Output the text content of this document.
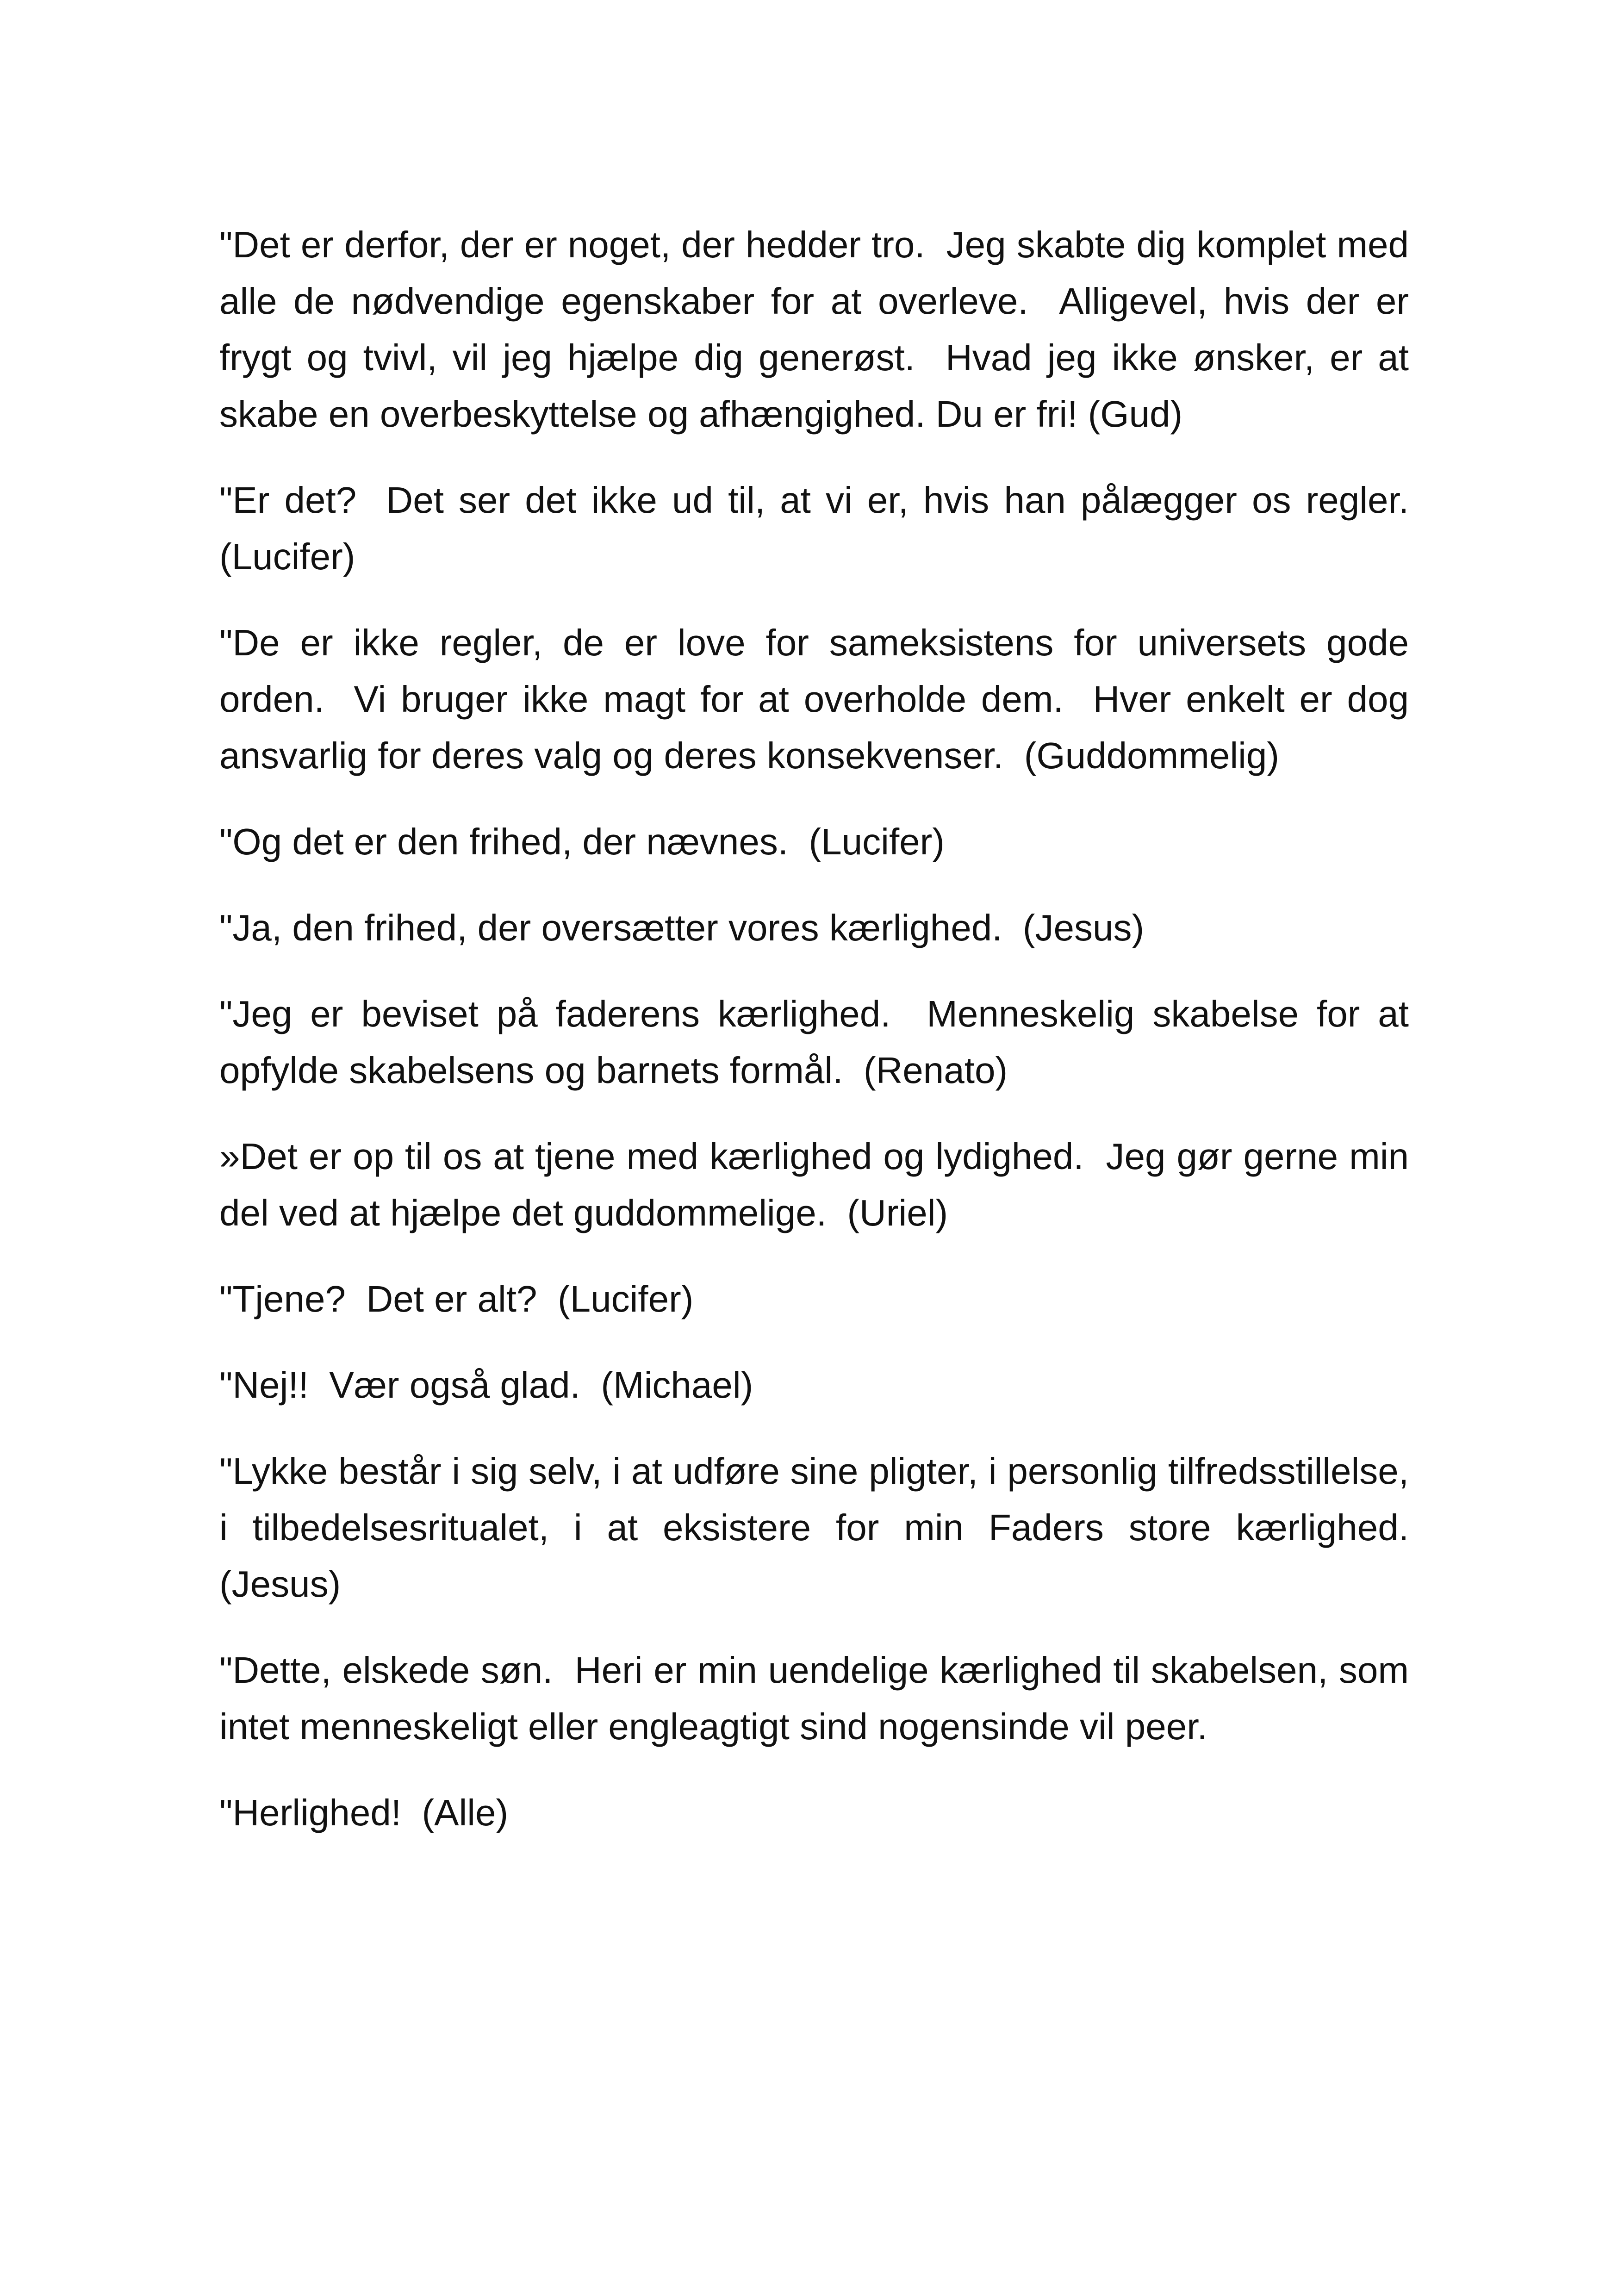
"Det er derfor, der er noget, der hedder tro.  Jeg skabte dig komplet med alle de nødvendige egenskaber for at overleve.  Alligevel, hvis der er frygt og tvivl, vil jeg hjælpe dig generøst.  Hvad jeg ikke ønsker, er at skabe en overbeskyttelse og afhængighed. Du er fri! (Gud)

"Er det?  Det ser det ikke ud til, at vi er, hvis han pålægger os regler.  (Lucifer)

"De er ikke regler, de er love for sameksistens for universets gode orden.  Vi bruger ikke magt for at overholde dem.  Hver enkelt er dog ansvarlig for deres valg og deres konsekvenser.  (Guddommelig)

"Og det er den frihed, der nævnes.  (Lucifer)

"Ja, den frihed, der oversætter vores kærlighed.  (Jesus)

"Jeg er beviset på faderens kærlighed.  Menneskelig skabelse for at opfylde skabelsens og barnets formål.  (Renato)

»Det er op til os at tjene med kærlighed og lydighed.  Jeg gør gerne min del ved at hjælpe det guddommelige.  (Uriel)

"Tjene?  Det er alt?  (Lucifer)

"Nej!!  Vær også glad.  (Michael)

"Lykke består i sig selv, i at udføre sine pligter, i personlig tilfredsstillelse, i tilbedelsesritualet, i at eksistere for min Faders store kærlighed.  (Jesus)

"Dette, elskede søn.  Heri er min uendelige kærlighed til skabelsen, som intet menneskeligt eller engleagtigt sind nogensinde vil peer.

"Herlighed!  (Alle)
